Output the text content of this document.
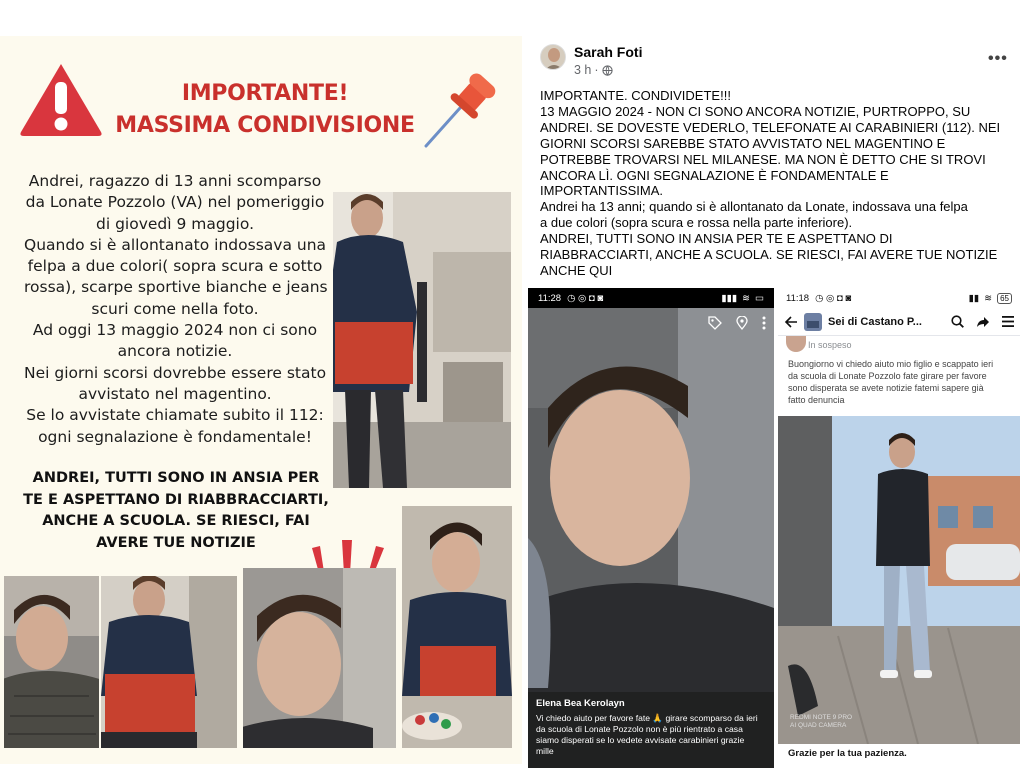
IMPORTANTE!
MASSIMA CONDIVISIONE
Andrei, ragazzo di 13 anni scomparso
da Lonate Pozzolo (VA) nel pomeriggio
di giovedì 9 maggio.
Quando si è allontanato indossava una
felpa a due colori( sopra scura e sotto
rossa), scarpe sportive bianche e jeans
scuri come nella foto.
Ad oggi 13 maggio 2024 non ci sono
ancora notizie.
Nei giorni scorsi dovrebbe essere stato
avvistato nel magentino.
Se lo avvistate chiamate subito il 112:
ogni segnalazione è fondamentale!
ANDREI, TUTTI SONO IN ANSIA PER
TE E ASPETTANO DI RIABBRACCIARTI,
ANCHE A SCUOLA. SE RIESCI, FAI
AVERE TUE NOTIZIE
Sarah Foti
3 h ·
•••
IMPORTANTE. CONDIVIDETE!!!
13 MAGGIO 2024 - NON CI SONO ANCORA NOTIZIE, PURTROPPO, SU
ANDREI. SE DOVESTE VEDERLO, TELEFONATE AI CARABINIERI (112). NEI
GIORNI SCORSI SAREBBE STATO AVVISTATO NEL MAGENTINO E
POTREBBE TROVARSI NEL MILANESE. MA NON È DETTO CHE SI TROVI
ANCORA LÌ. OGNI SEGNALAZIONE È FONDAMENTALE E
IMPORTANTISSIMA.
Andrei ha 13 anni; quando si è allontanato da Lonate, indossava una felpa
a due colori (sopra scura e rossa nella parte inferiore).
ANDREI, TUTTI SONO IN ANSIA PER TE E ASPETTANO DI
RIABBRACCIARTI, ANCHE A SCUOLA. SE RIESCI, FAI AVERE TUE NOTIZIE
ANCHE QUI
11:28 ◷ ◎ ◘ ◙	▮▮▮ ≋ ▭
Elena Bea Kerolayn
Vi chiedo aiuto per favore fate 🙏 girare scomparso da ieri
da scuola di Lonate Pozzolo non è più rientrato a casa
siamo disperati se lo vedete avvisate carabinieri grazie
mille
11:18 ◷ ◎ ◘ ◙	▮▮ ≋	65
Sei di Castano P...
In sospeso
Buongiorno vi chiedo aiuto mio figlio e scappato ieri
da scuola di Lonate Pozzolo fate girare per favore
sono disperata se avete notizie fatemi sapere già
fatto denuncia
REDMI NOTE 9 PRO
AI QUAD CAMERA
Grazie per la tua pazienza.
